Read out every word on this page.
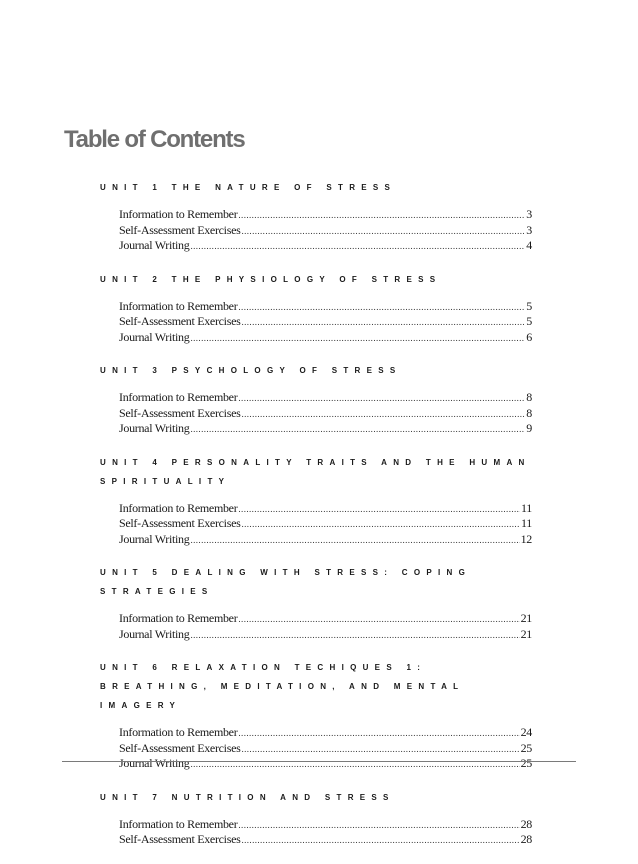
Table of Contents
UNIT 1 THE NATURE OF STRESS
Information to Remember .....	3
Self-Assessment Exercises .....	3
Journal Writing .....	4
UNIT 2 THE PHYSIOLOGY OF STRESS
Information to Remember .....	5
Self-Assessment Exercises .....	5
Journal Writing .....	6
UNIT 3 PSYCHOLOGY OF STRESS
Information to Remember .....	8
Self-Assessment Exercises .....	8
Journal Writing .....	9
UNIT 4 PERSONALITY TRAITS AND THE HUMAN SPIRITUALITY
Information to Remember .....	11
Self-Assessment Exercises .....	11
Journal Writing .....	12
UNIT 5 DEALING WITH STRESS: COPING STRATEGIES
Information to Remember .....	21
Journal Writing .....	21
UNIT 6 RELAXATION TECHIQUES 1: BREATHING, MEDITATION, AND MENTAL IMAGERY
Information to Remember .....	24
Self-Assessment Exercises .....	25
Journal Writing .....	25
UNIT 7 NUTRITION AND STRESS
Information to Remember .....	28
Self-Assessment Exercises .....	28
